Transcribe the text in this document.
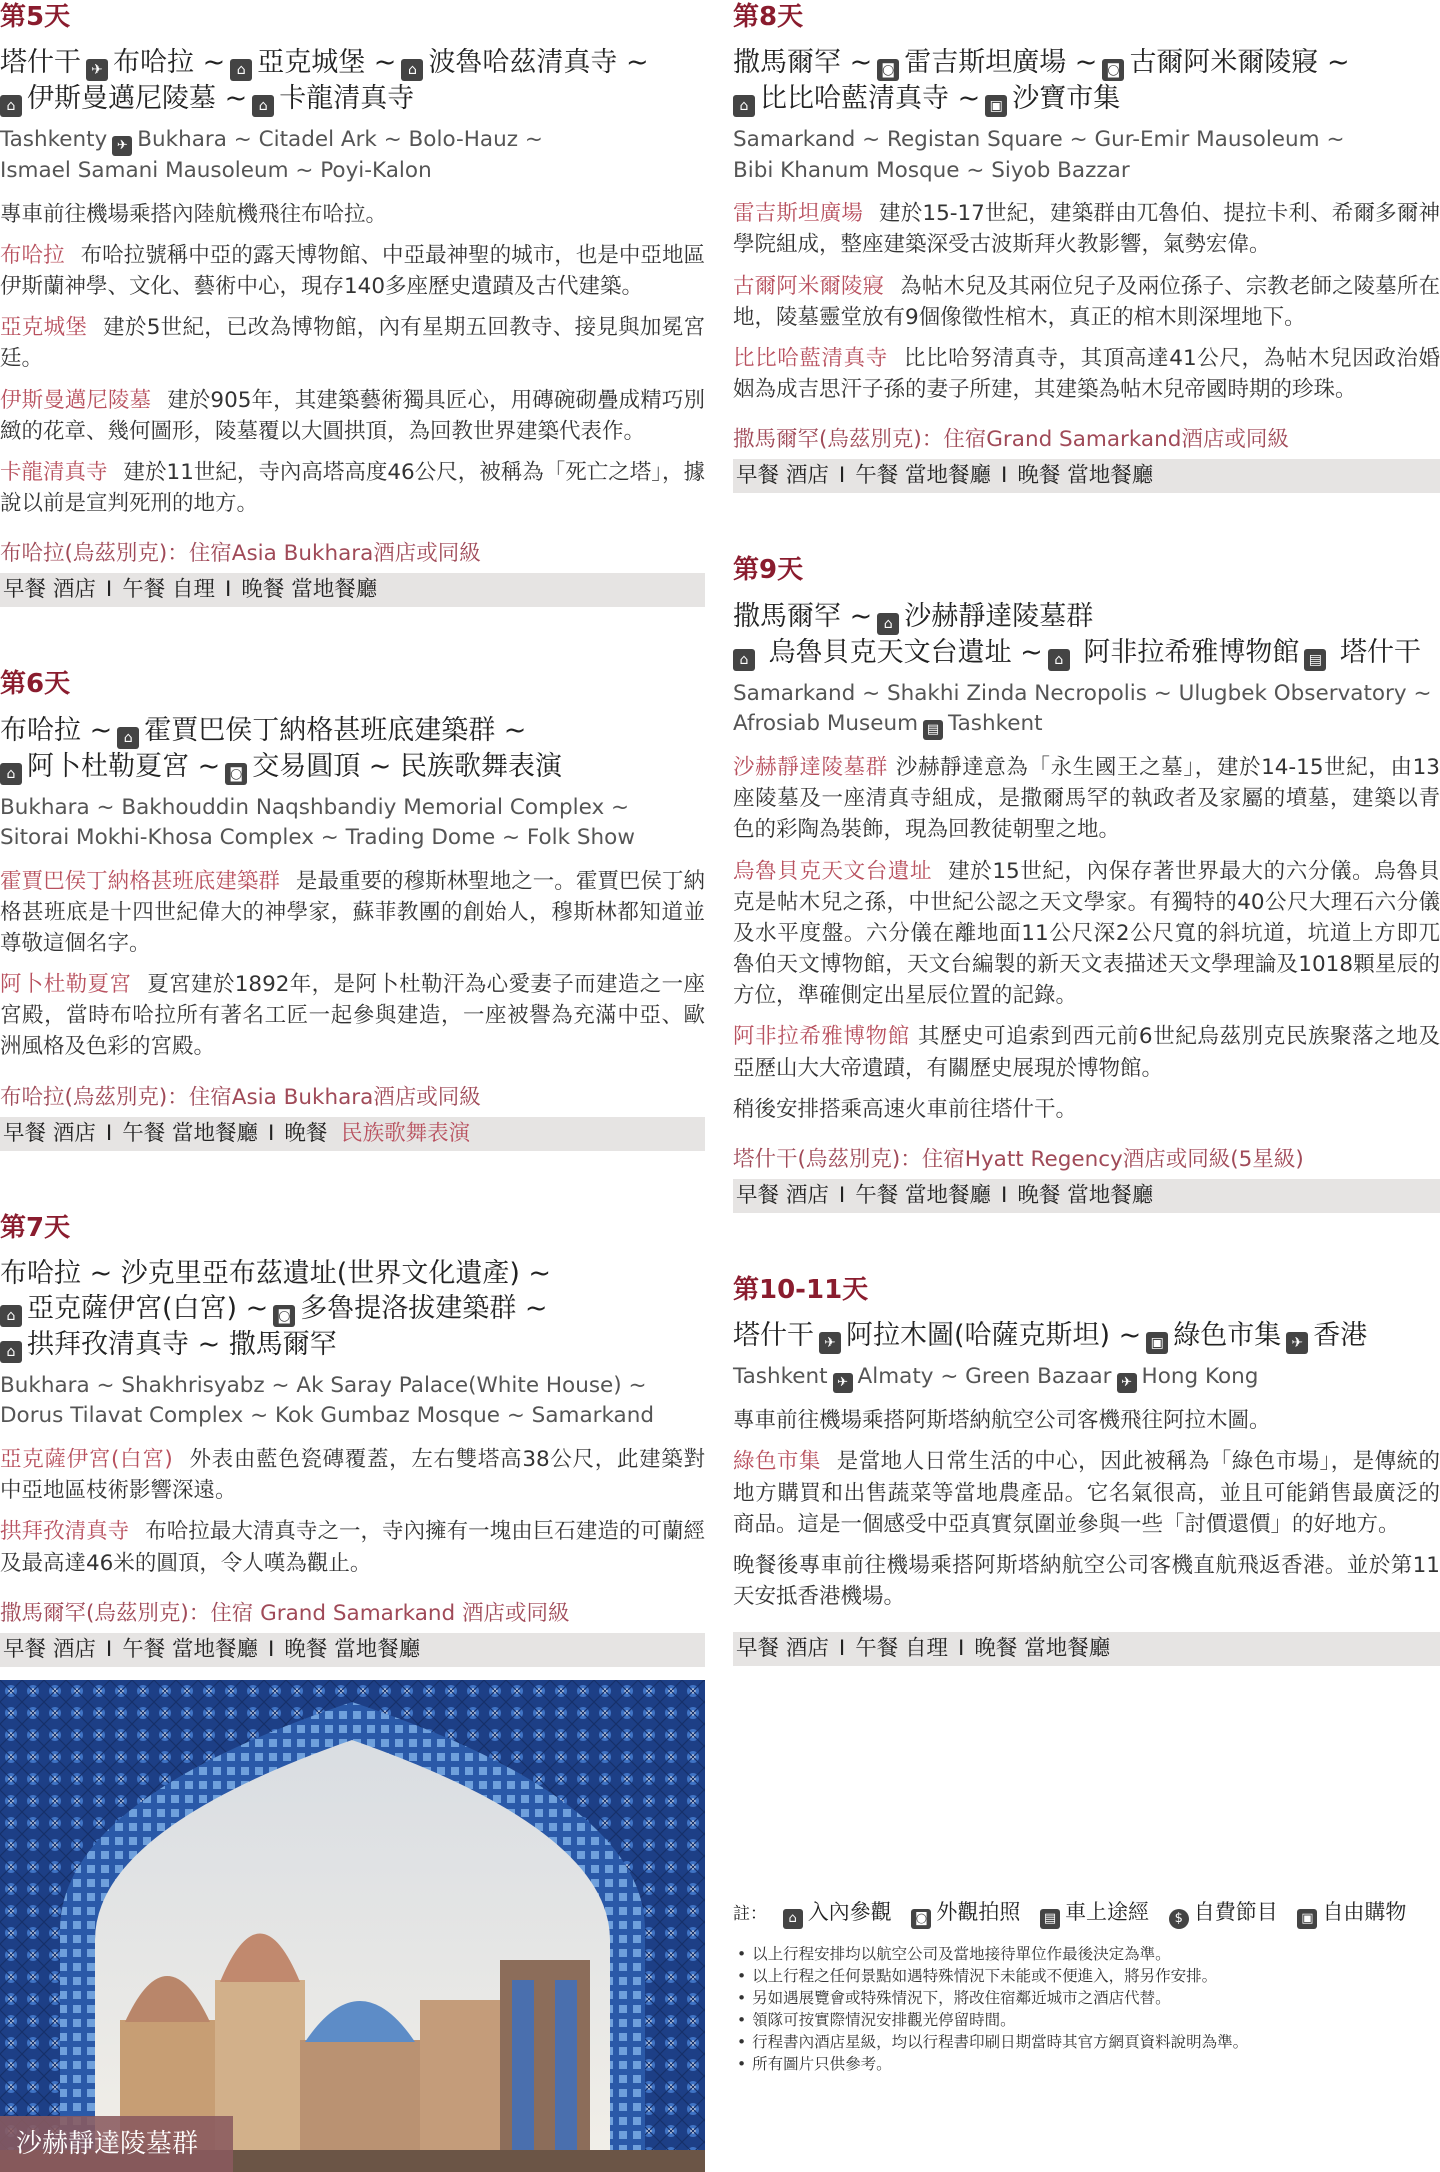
第5天
塔什干 ✈ 布哈拉 ~ ⌂ 亞克城堡 ~ ⌂ 波魯哈茲清真寺 ~
⌂ 伊斯曼邁尼陵墓 ~ ⌂ 卡龍清真寺
Tashkenty ✈ Bukhara ~ Citadel Ark ~ Bolo-Hauz ~
Ismael Samani Mausoleum ~ Poyi-Kalon

專車前往機場乘搭內陸航機飛往布哈拉。

布哈拉 布哈拉號稱中亞的露天博物館、中亞最神聖的城市，也是中亞地區伊斯蘭神學、文化、藝術中心，現存140多座歷史遺蹟及古代建築。

亞克城堡 建於5世紀，已改為博物館，內有星期五回教寺、接見與加冕宮廷。

伊斯曼邁尼陵墓 建於905年，其建築藝術獨具匠心，用磚碗砌疊成精巧別緻的花章、幾何圖形，陵墓覆以大圓拱頂，為回教世界建築代表作。

卡龍清真寺 建於11世紀，寺內高塔高度46公尺，被稱為「死亡之塔」，據說以前是宣判死刑的地方。

布哈拉(烏茲別克)：住宿Asia Bukhara酒店或同級
早餐 酒店 I 午餐 自理 I 晚餐 當地餐廳
第6天
布哈拉 ~ ⌂ 霍賈巴侯丁納格甚班底建築群 ~
⌂ 阿卜杜勒夏宮 ~ ◙ 交易圓頂 ~ 民族歌舞表演
Bukhara ~ Bakhouddin Naqshbandiy Memorial Complex ~
Sitorai Mokhi-Khosa Complex ~ Trading Dome ~ Folk Show

霍賈巴侯丁納格甚班底建築群 是最重要的穆斯林聖地之一。霍賈巴侯丁納格甚班底是十四世紀偉大的神學家，蘇菲教團的創始人，穆斯林都知道並尊敬這個名字。

阿卜杜勒夏宮 夏宮建於1892年，是阿卜杜勒汗為心愛妻子而建造之一座宮殿，當時布哈拉所有著名工匠一起參與建造，一座被譽為充滿中亞、歐洲風格及色彩的宮殿。

布哈拉(烏茲別克)：住宿Asia Bukhara酒店或同級
早餐 酒店 I 午餐 當地餐廳 I 晚餐 民族歌舞表演
第7天
布哈拉 ~ 沙克里亞布茲遺址(世界文化遺產) ~
⌂ 亞克薩伊宮(白宮) ~ ◙ 多魯提洛拔建築群 ~
⌂ 拱拜孜清真寺 ~ 撒馬爾罕
Bukhara ~ Shakhrisyabz ~ Ak Saray Palace(White House) ~
Dorus Tilavat Complex ~ Kok Gumbaz Mosque ~ Samarkand

亞克薩伊宮(白宮) 外表由藍色瓷磚覆蓋，左右雙塔高38公尺，此建築對中亞地區枝術影響深遠。

拱拜孜清真寺 布哈拉最大清真寺之一，寺內擁有一塊由巨石建造的可蘭經及最高達46米的圓頂，令人嘆為觀止。

撒馬爾罕(烏茲別克)：住宿 Grand Samarkand 酒店或同級
早餐 酒店 I 午餐 當地餐廳 I 晚餐 當地餐廳
沙赫靜達陵墓群
第8天
撒馬爾罕 ~ ◙ 雷吉斯坦廣場 ~ ◙ 古爾阿米爾陵寢 ~
⌂ 比比哈藍清真寺 ~ ▣ 沙寶市集
Samarkand ~ Registan Square ~ Gur-Emir Mausoleum ~
Bibi Khanum Mosque ~ Siyob Bazzar

雷吉斯坦廣場 建於15-17世紀，建築群由兀魯伯、提拉卡利、希爾多爾神學院組成，整座建築深受古波斯拜火教影響，氣勢宏偉。

古爾阿米爾陵寢 為帖木兒及其兩位兒子及兩位孫子、宗教老師之陵墓所在地，陵墓靈堂放有9個像徵性棺木，真正的棺木則深埋地下。

比比哈藍清真寺 比比哈努清真寺，其頂高達41公尺，為帖木兒因政治婚姻為成吉思汗子孫的妻子所建，其建築為帖木兒帝國時期的珍珠。

撒馬爾罕(烏茲別克)：住宿Grand Samarkand酒店或同級
早餐 酒店 I 午餐 當地餐廳 I 晚餐 當地餐廳
第9天
撒馬爾罕 ~ ⌂ 沙赫靜達陵墓群
⌂ 烏魯貝克天文台遺址 ~ ⌂ 阿非拉希雅博物館 ▤ 塔什干
Samarkand ~ Shakhi Zinda Necropolis ~ Ulugbek Observatory ~
Afrosiab Museum ▤ Tashkent

沙赫靜達陵墓群 沙赫靜達意為「永生國王之墓」，建於14-15世紀，由13座陵墓及一座清真寺組成，是撒爾馬罕的執政者及家屬的墳墓，建築以青色的彩陶為裝飾，現為回教徒朝聖之地。

烏魯貝克天文台遺址 建於15世紀，內保存著世界最大的六分儀。烏魯貝克是帖木兒之孫，中世紀公認之天文學家。有獨特的40公尺大理石六分儀及水平度盤。六分儀在離地面11公尺深2公尺寬的斜坑道，坑道上方即兀魯伯天文博物館，天文台編製的新天文表描述天文學理論及1018顆星辰的方位，準確側定出星辰位置的記錄。

阿非拉希雅博物館 其歷史可追索到西元前6世紀烏茲別克民族聚落之地及亞歷山大大帝遺蹟，有關歷史展現於博物館。

稍後安排搭乘高速火車前往塔什干。

塔什干(烏茲別克)：住宿Hyatt Regency酒店或同級(5星級)
早餐 酒店 I 午餐 當地餐廳 I 晚餐 當地餐廳
第10-11天
塔什干 ✈ 阿拉木圖(哈薩克斯坦) ~ ▣ 綠色市集 ✈ 香港
Tashkent ✈ Almaty ~ Green Bazaar ✈ Hong Kong

專車前往機場乘搭阿斯塔納航空公司客機飛往阿拉木圖。

綠色市集 是當地人日常生活的中心，因此被稱為「綠色市場」，是傳統的地方購買和出售蔬菜等當地農產品。它名氣很高，並且可能銷售最廣泛的商品。這是一個感受中亞真實氛圍並參與一些「討價還價」的好地方。

晚餐後專車前往機場乘搭阿斯塔納航空公司客機直航飛返香港。並於第11天安抵香港機場。

早餐 酒店 I 午餐 自理 I 晚餐 當地餐廳
註： ⌂ 入內參觀 ◙ 外觀拍照 ▤ 車上途經 $ 自費節目 ▣ 自由購物
• 以上行程安排均以航空公司及當地接待單位作最後決定為準。
• 以上行程之任何景點如遇特殊情況下未能或不便進入，將另作安排。
• 另如遇展覽會或特殊情況下，將改住宿鄰近城市之酒店代替。
• 領隊可按實際情況安排觀光停留時間。
• 行程書內酒店星級，均以行程書印刷日期當時其官方網頁資料說明為準。
• 所有圖片只供參考。
